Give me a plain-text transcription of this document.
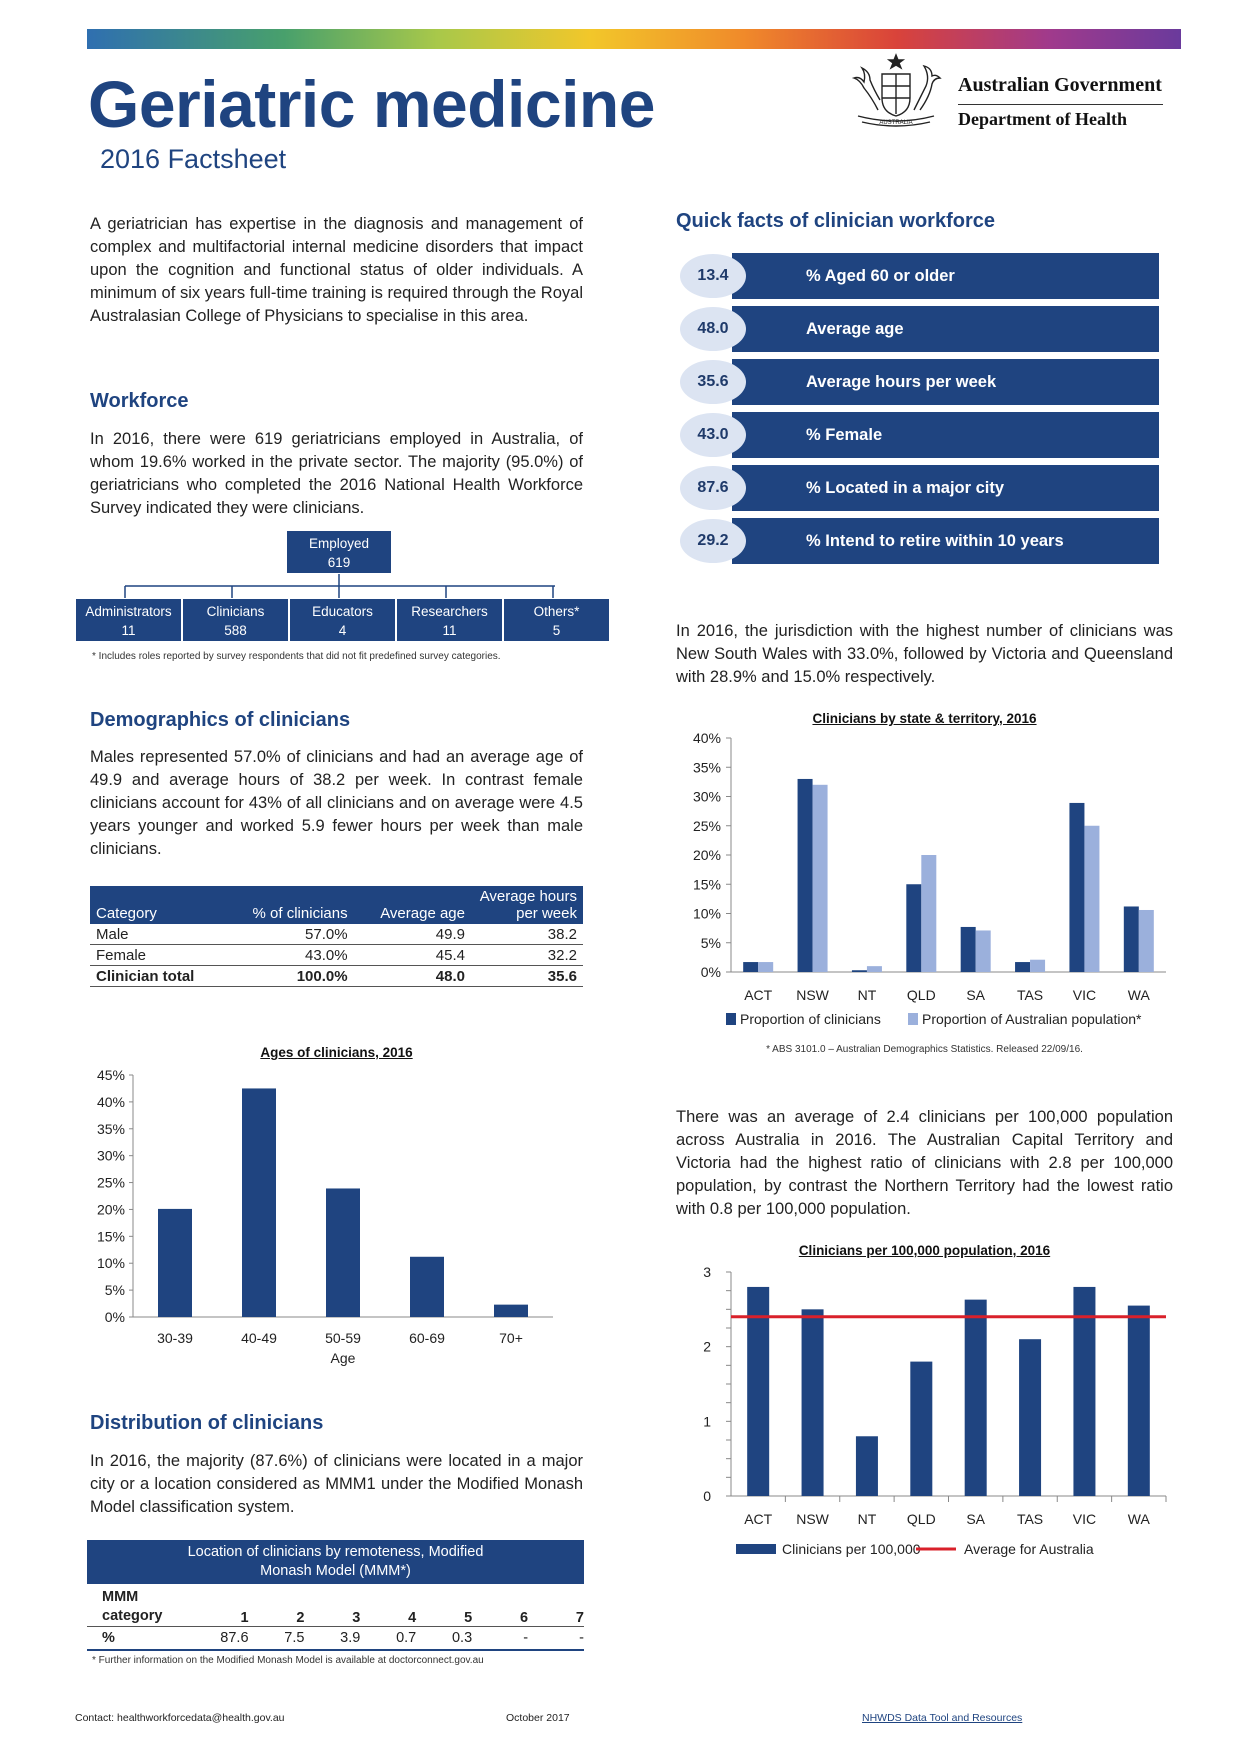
Geriatric medicine
2016 Factsheet
AUSTRALIA
Australian Government
Department of Health
A geriatrician has expertise in the diagnosis and management of complex and multifactorial internal medicine disorders that impact upon the cognition and functional status of older individuals. A minimum of six years full-time training is required through the Royal Australasian College of Physicians to specialise in this area.
Workforce
In 2016, there were 619 geriatricians employed in Australia, of whom 19.6% worked in the private sector. The majority (95.0%) of geriatricians who completed the 2016 National Health Workforce Survey indicated they were clinicians.
Employed
619
Administrators
11
Clinicians
588
Educators
4
Researchers
11
Others*
5
* Includes roles reported by survey respondents that did not fit predefined survey categories.
Demographics of clinicians
Males represented 57.0% of clinicians and had an average age of 49.9 and average hours of 38.2 per week. In contrast female clinicians account for 43% of all clinicians and on average were 4.5 years younger and worked 5.9 fewer hours per week than male clinicians.
Category	% of clinicians	Average age	Average hours per week
Male	57.0%	49.9	38.2
Female	43.0%	45.4	32.2
Clinician total	100.0%	48.0	35.6
Ages of clinicians, 2016
0%
5%
10%
15%
20%
25%
30%
35%
40%
45%
30-39	40-49	50-59	60-69	70+
Age
Distribution of clinicians
In 2016, the majority (87.6%) of clinicians were located in a major city or a location considered as MMM1 under the Modified Monash Model classification system.
Location of clinicians by remoteness, Modified Monash Model (MMM*)
MMM category	1	2	3	4	5	6	7
%	87.6	7.5	3.9	0.7	0.3	-	-
* Further information on the Modified Monash Model is available at doctorconnect.gov.au
Quick facts of clinician workforce
% Aged 60 or older
13.4
Average age
48.0
Average hours per week
35.6
% Female
43.0
% Located in a major city
87.6
% Intend to retire within 10 years
29.2
In 2016, the jurisdiction with the highest number of clinicians was New South Wales with 33.0%, followed by Victoria and Queensland with 28.9% and 15.0% respectively.
Clinicians by state & territory, 2016
0%
5%
10%
15%
20%
25%
30%
35%
40%
ACT NSW NT QLD SA TAS VIC WA
Proportion of clinicians	Proportion of Australian population*
* ABS 3101.0 – Australian Demographics Statistics. Released 22/09/16.
There was an average of 2.4 clinicians per 100,000 population across Australia in 2016. The Australian Capital Territory and Victoria had the highest ratio of clinicians with 2.8 per 100,000 population, by contrast the Northern Territory had the lowest ratio with 0.8 per 100,000 population.
Clinicians per 100,000 population, 2016
0
1
2
3
ACT NSW NT QLD SA TAS VIC WA
Clinicians per 100,000	Average for Australia
Contact: healthworkforcedata@health.gov.au	October 2017	NHWDS Data Tool and Resources
